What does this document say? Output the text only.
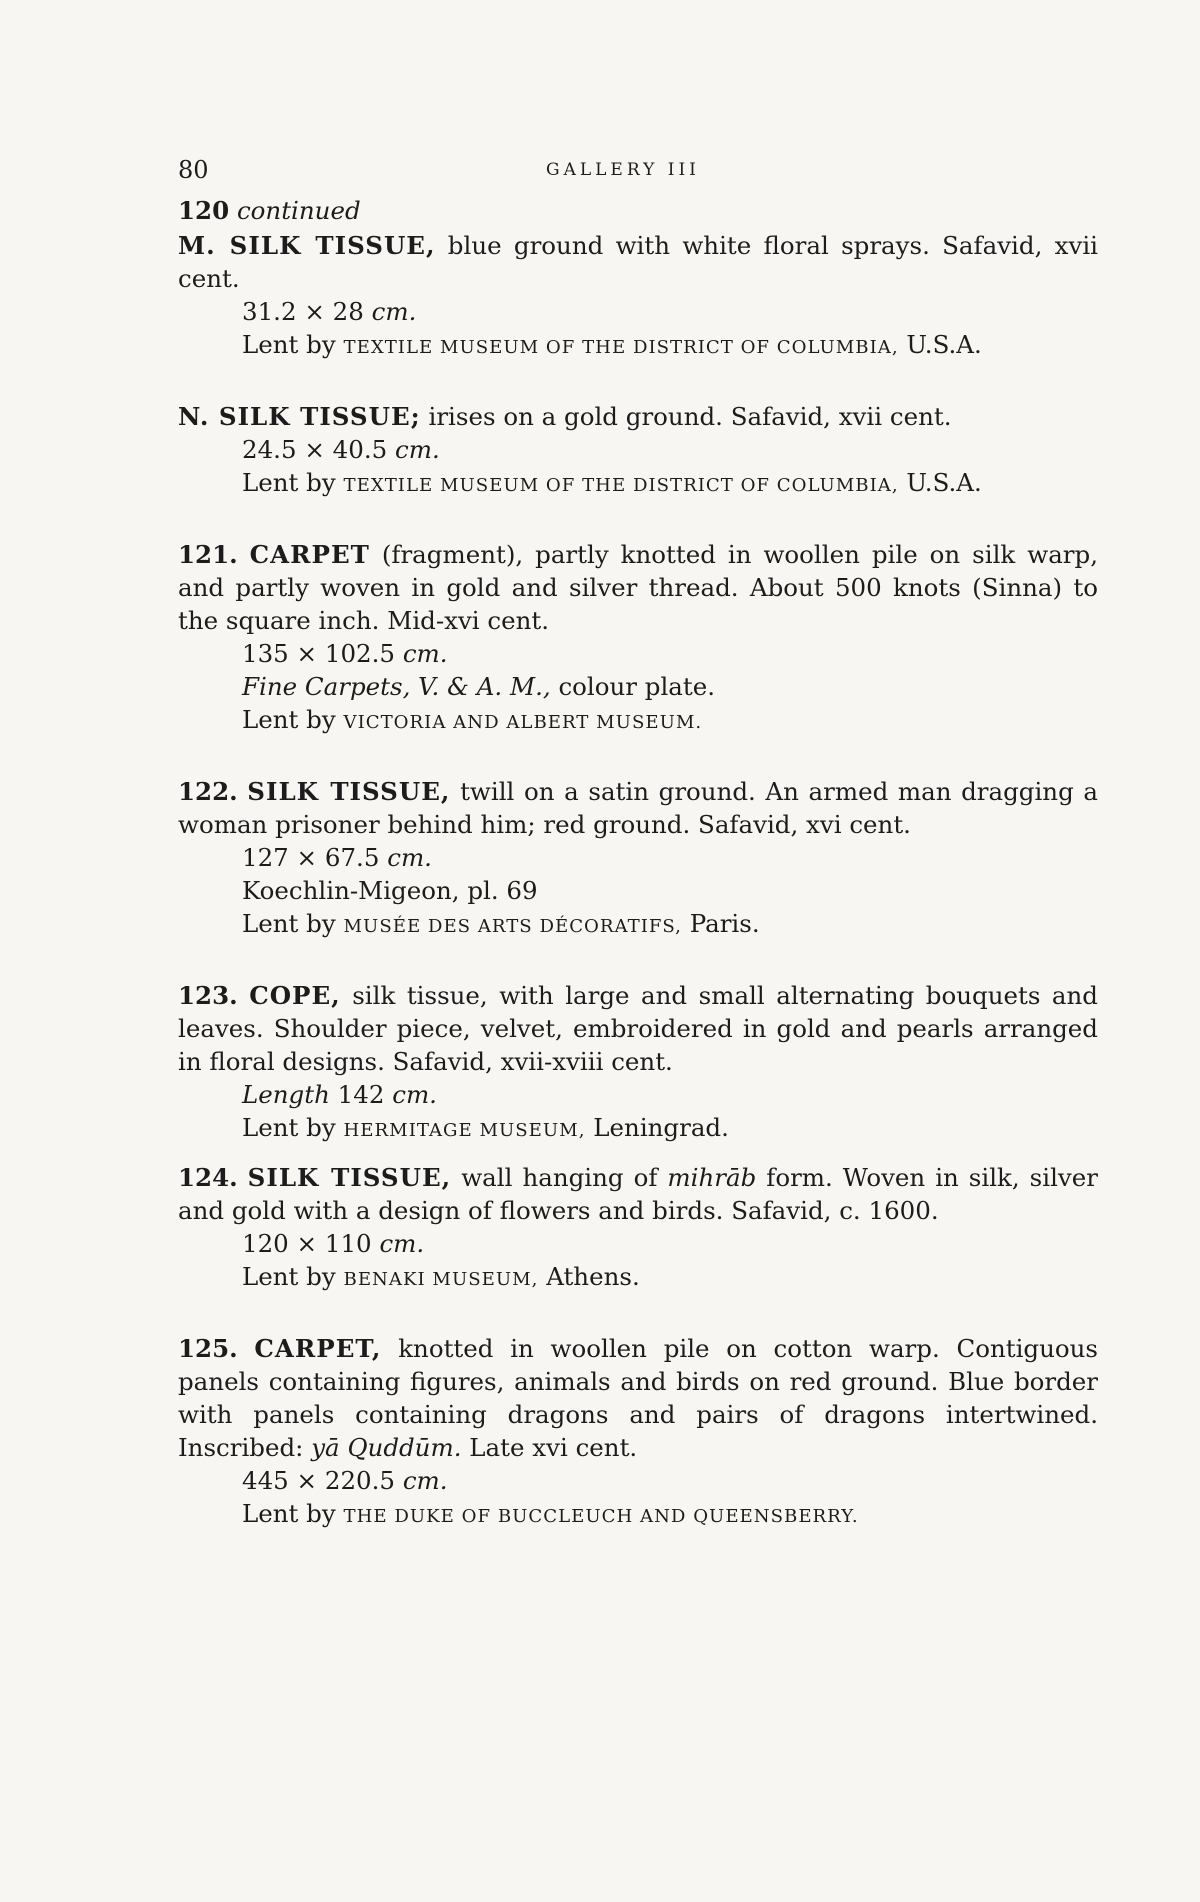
80	GALLERY III

120 continued

M. SILK TISSUE, blue ground with white floral sprays. Safavid, xvii cent.

31.2 × 28 cm.

Lent by TEXTILE MUSEUM OF THE DISTRICT OF COLUMBIA, U.S.A.

N. SILK TISSUE; irises on a gold ground. Safavid, xvii cent.

24.5 × 40.5 cm.

Lent by TEXTILE MUSEUM OF THE DISTRICT OF COLUMBIA, U.S.A.

121. CARPET (fragment), partly knotted in woollen pile on silk warp, and partly woven in gold and silver thread. About 500 knots (Sinna) to the square inch. Mid-xvi cent.

135 × 102.5 cm.

Fine Carpets, V. & A. M., colour plate.

Lent by VICTORIA AND ALBERT MUSEUM.

122. SILK TISSUE, twill on a satin ground. An armed man dragging a woman prisoner behind him; red ground. Safavid, xvi cent.

127 × 67.5 cm.

Koechlin-Migeon, pl. 69

Lent by MUSÉE DES ARTS DÉCORATIFS, Paris.

123. COPE, silk tissue, with large and small alternating bouquets and leaves. Shoulder piece, velvet, embroidered in gold and pearls arranged in floral designs. Safavid, xvii-xviii cent.

Length 142 cm.

Lent by HERMITAGE MUSEUM, Leningrad.

124. SILK TISSUE, wall hanging of mihrāb form. Woven in silk, silver and gold with a design of flowers and birds. Safavid, c. 1600.

120 × 110 cm.

Lent by BENAKI MUSEUM, Athens.

125. CARPET, knotted in woollen pile on cotton warp. Contiguous panels containing figures, animals and birds on red ground. Blue border with panels containing dragons and pairs of dragons intertwined. Inscribed: yā Quddūm. Late xvi cent.

445 × 220.5 cm.

Lent by THE DUKE OF BUCCLEUCH AND QUEENSBERRY.
